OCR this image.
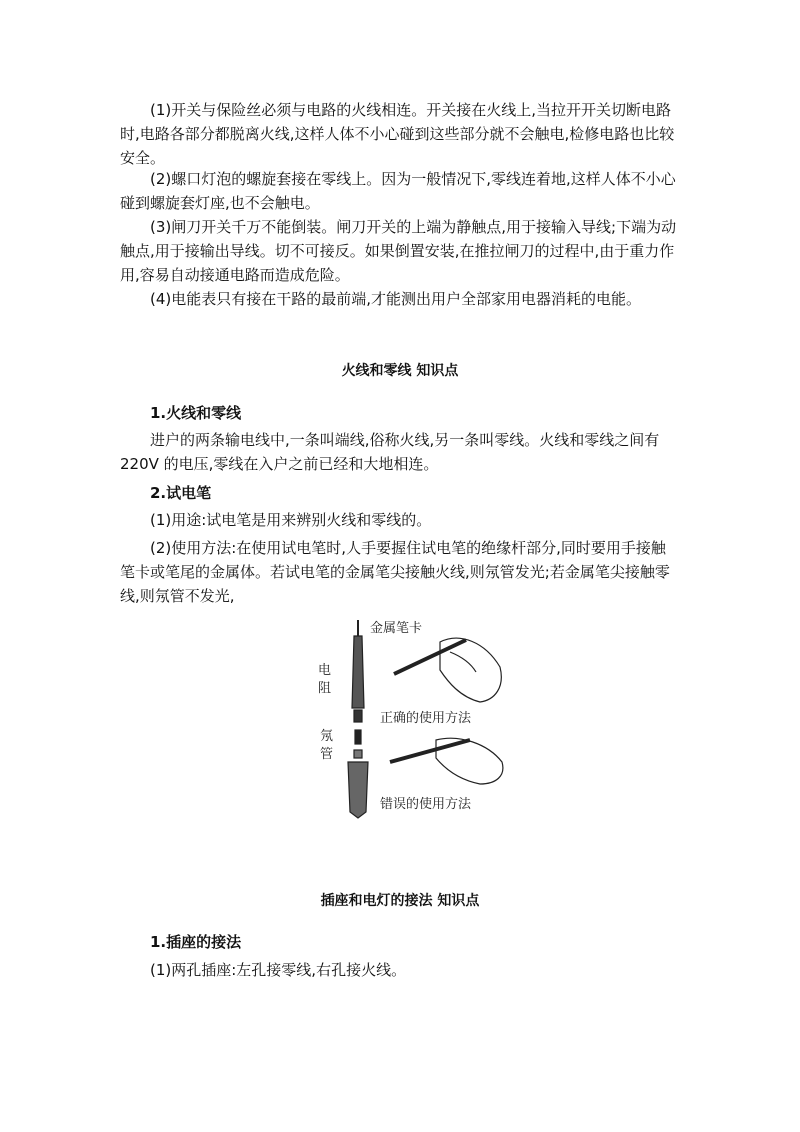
(1)开关与保险丝必须与电路的火线相连。开关接在火线上,当拉开开关切断电路时,电路各部分都脱离火线,这样人体不小心碰到这些部分就不会触电,检修电路也比较安全。

(2)螺口灯泡的螺旋套接在零线上。因为一般情况下,零线连着地,这样人体不小心碰到螺旋套灯座,也不会触电。

(3)闸刀开关千万不能倒装。闸刀开关的上端为静触点,用于接输入导线;下端为动触点,用于接输出导线。切不可接反。如果倒置安装,在推拉闸刀的过程中,由于重力作用,容易自动接通电路而造成危险。

(4)电能表只有接在干路的最前端,才能测出用户全部家用电器消耗的电能。

火线和零线 知识点
1.火线和零线

进户的两条输电线中,一条叫端线,俗称火线,另一条叫零线。火线和零线之间有220V 的电压,零线在入户之前已经和大地相连。

2.试电笔

(1)用途:试电笔是用来辨别火线和零线的。

(2)使用方法:在使用试电笔时,人手要握住试电笔的绝缘杆部分,同时要用手接触笔卡或笔尾的金属体。若试电笔的金属笔尖接触火线,则氖管发光;若金属笔尖接触零线,则氖管不发光,

电
阻
氖
管
金属笔卡
正确的使用方法
错误的使用方法
插座和电灯的接法 知识点
1.插座的接法

(1)两孔插座:左孔接零线,右孔接火线。
